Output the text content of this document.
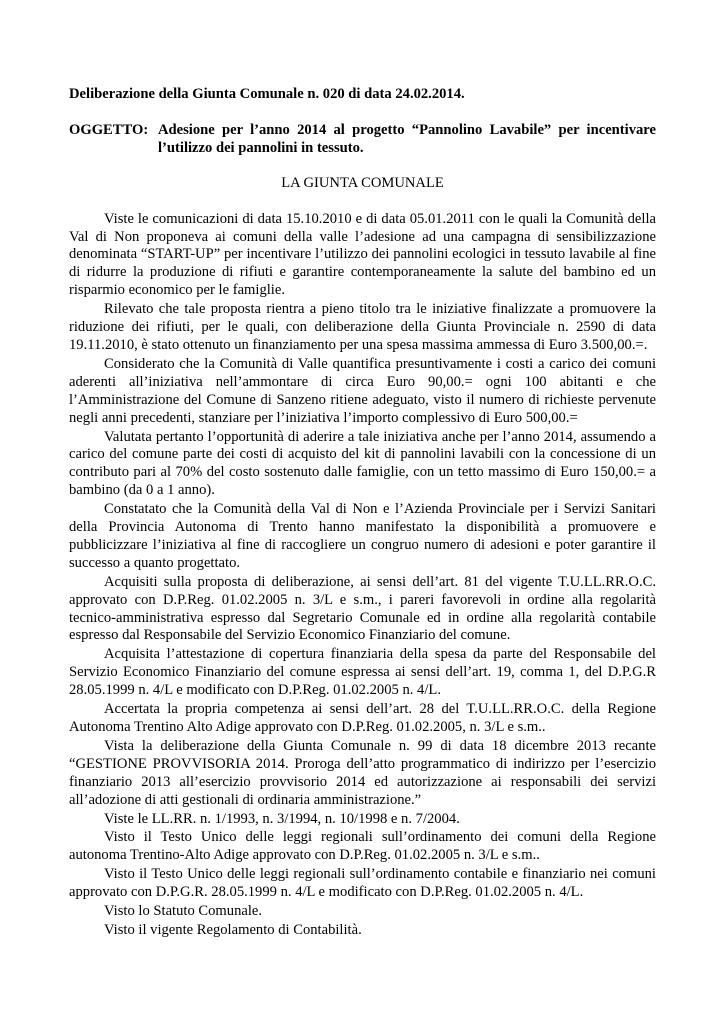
Deliberazione della Giunta Comunale n. 020 di data 24.02.2014.
OGGETTO: Adesione per l’anno 2014 al progetto “Pannolino Lavabile” per incentivare l’utilizzo dei pannolini in tessuto.
LA GIUNTA COMUNALE

Viste le comunicazioni di data 15.10.2010 e di data 05.01.2011 con le quali la Comunità della Val di Non proponeva ai comuni della valle l’adesione ad una campagna di sensibilizzazione denominata “START-UP” per incentivare l’utilizzo dei pannolini ecologici in tessuto lavabile al fine di ridurre la produzione di rifiuti e garantire contemporaneamente la salute del bambino ed un risparmio economico per le famiglie.

Rilevato che tale proposta rientra a pieno titolo tra le iniziative finalizzate a promuovere la riduzione dei rifiuti, per le quali, con deliberazione della Giunta Provinciale n. 2590 di data 19.11.2010, è stato ottenuto un finanziamento per una spesa massima ammessa di Euro 3.500,00.=.

Considerato che la Comunità di Valle quantifica presuntivamente i costi a carico dei comuni aderenti all’iniziativa nell’ammontare di circa Euro 90,00.= ogni 100 abitanti e che l’Amministrazione del Comune di Sanzeno ritiene adeguato, visto il numero di richieste pervenute negli anni precedenti, stanziare per l’iniziativa l’importo complessivo di Euro 500,00.=

Valutata pertanto l’opportunità di aderire a tale iniziativa anche per l’anno 2014, assumendo a carico del comune parte dei costi di acquisto del kit di pannolini lavabili con la concessione di un contributo pari al 70% del costo sostenuto dalle famiglie, con un tetto massimo di Euro 150,00.= a bambino (da 0 a 1 anno).

Constatato che la Comunità della Val di Non e l’Azienda Provinciale per i Servizi Sanitari della Provincia Autonoma di Trento hanno manifestato la disponibilità a promuovere e pubblicizzare l’iniziativa al fine di raccogliere un congruo numero di adesioni e poter garantire il successo a quanto progettato.

Acquisiti sulla proposta di deliberazione, ai sensi dell’art. 81 del vigente T.U.LL.RR.O.C. approvato con D.P.Reg. 01.02.2005 n. 3/L e s.m., i pareri favorevoli in ordine alla regolarità tecnico-amministrativa espresso dal Segretario Comunale ed in ordine alla regolarità contabile espresso dal Responsabile del Servizio Economico Finanziario del comune.

Acquisita l’attestazione di copertura finanziaria della spesa da parte del Responsabile del Servizio Economico Finanziario del comune espressa ai sensi dell’art. 19, comma 1, del D.P.G.R 28.05.1999 n. 4/L e modificato con D.P.Reg. 01.02.2005 n. 4/L.

Accertata la propria competenza ai sensi dell’art. 28 del T.U.LL.RR.O.C. della Regione Autonoma Trentino Alto Adige approvato con D.P.Reg. 01.02.2005, n. 3/L e s.m..

Vista la deliberazione della Giunta Comunale n. 99 di data 18 dicembre 2013 recante “GESTIONE PROVVISORIA 2014. Proroga dell’atto programmatico di indirizzo per l’esercizio finanziario 2013 all’esercizio provvisorio 2014 ed autorizzazione ai responsabili dei servizi all’adozione di atti gestionali di ordinaria amministrazione.”

Viste le LL.RR. n. 1/1993, n. 3/1994, n. 10/1998 e n. 7/2004.

Visto il Testo Unico delle leggi regionali sull’ordinamento dei comuni della Regione autonoma Trentino-Alto Adige approvato con D.P.Reg. 01.02.2005 n. 3/L e s.m..

Visto il Testo Unico delle leggi regionali sull’ordinamento contabile e finanziario nei comuni approvato con D.P.G.R. 28.05.1999 n. 4/L e modificato con D.P.Reg. 01.02.2005 n. 4/L.

Visto lo Statuto Comunale.

Visto il vigente Regolamento di Contabilità.
